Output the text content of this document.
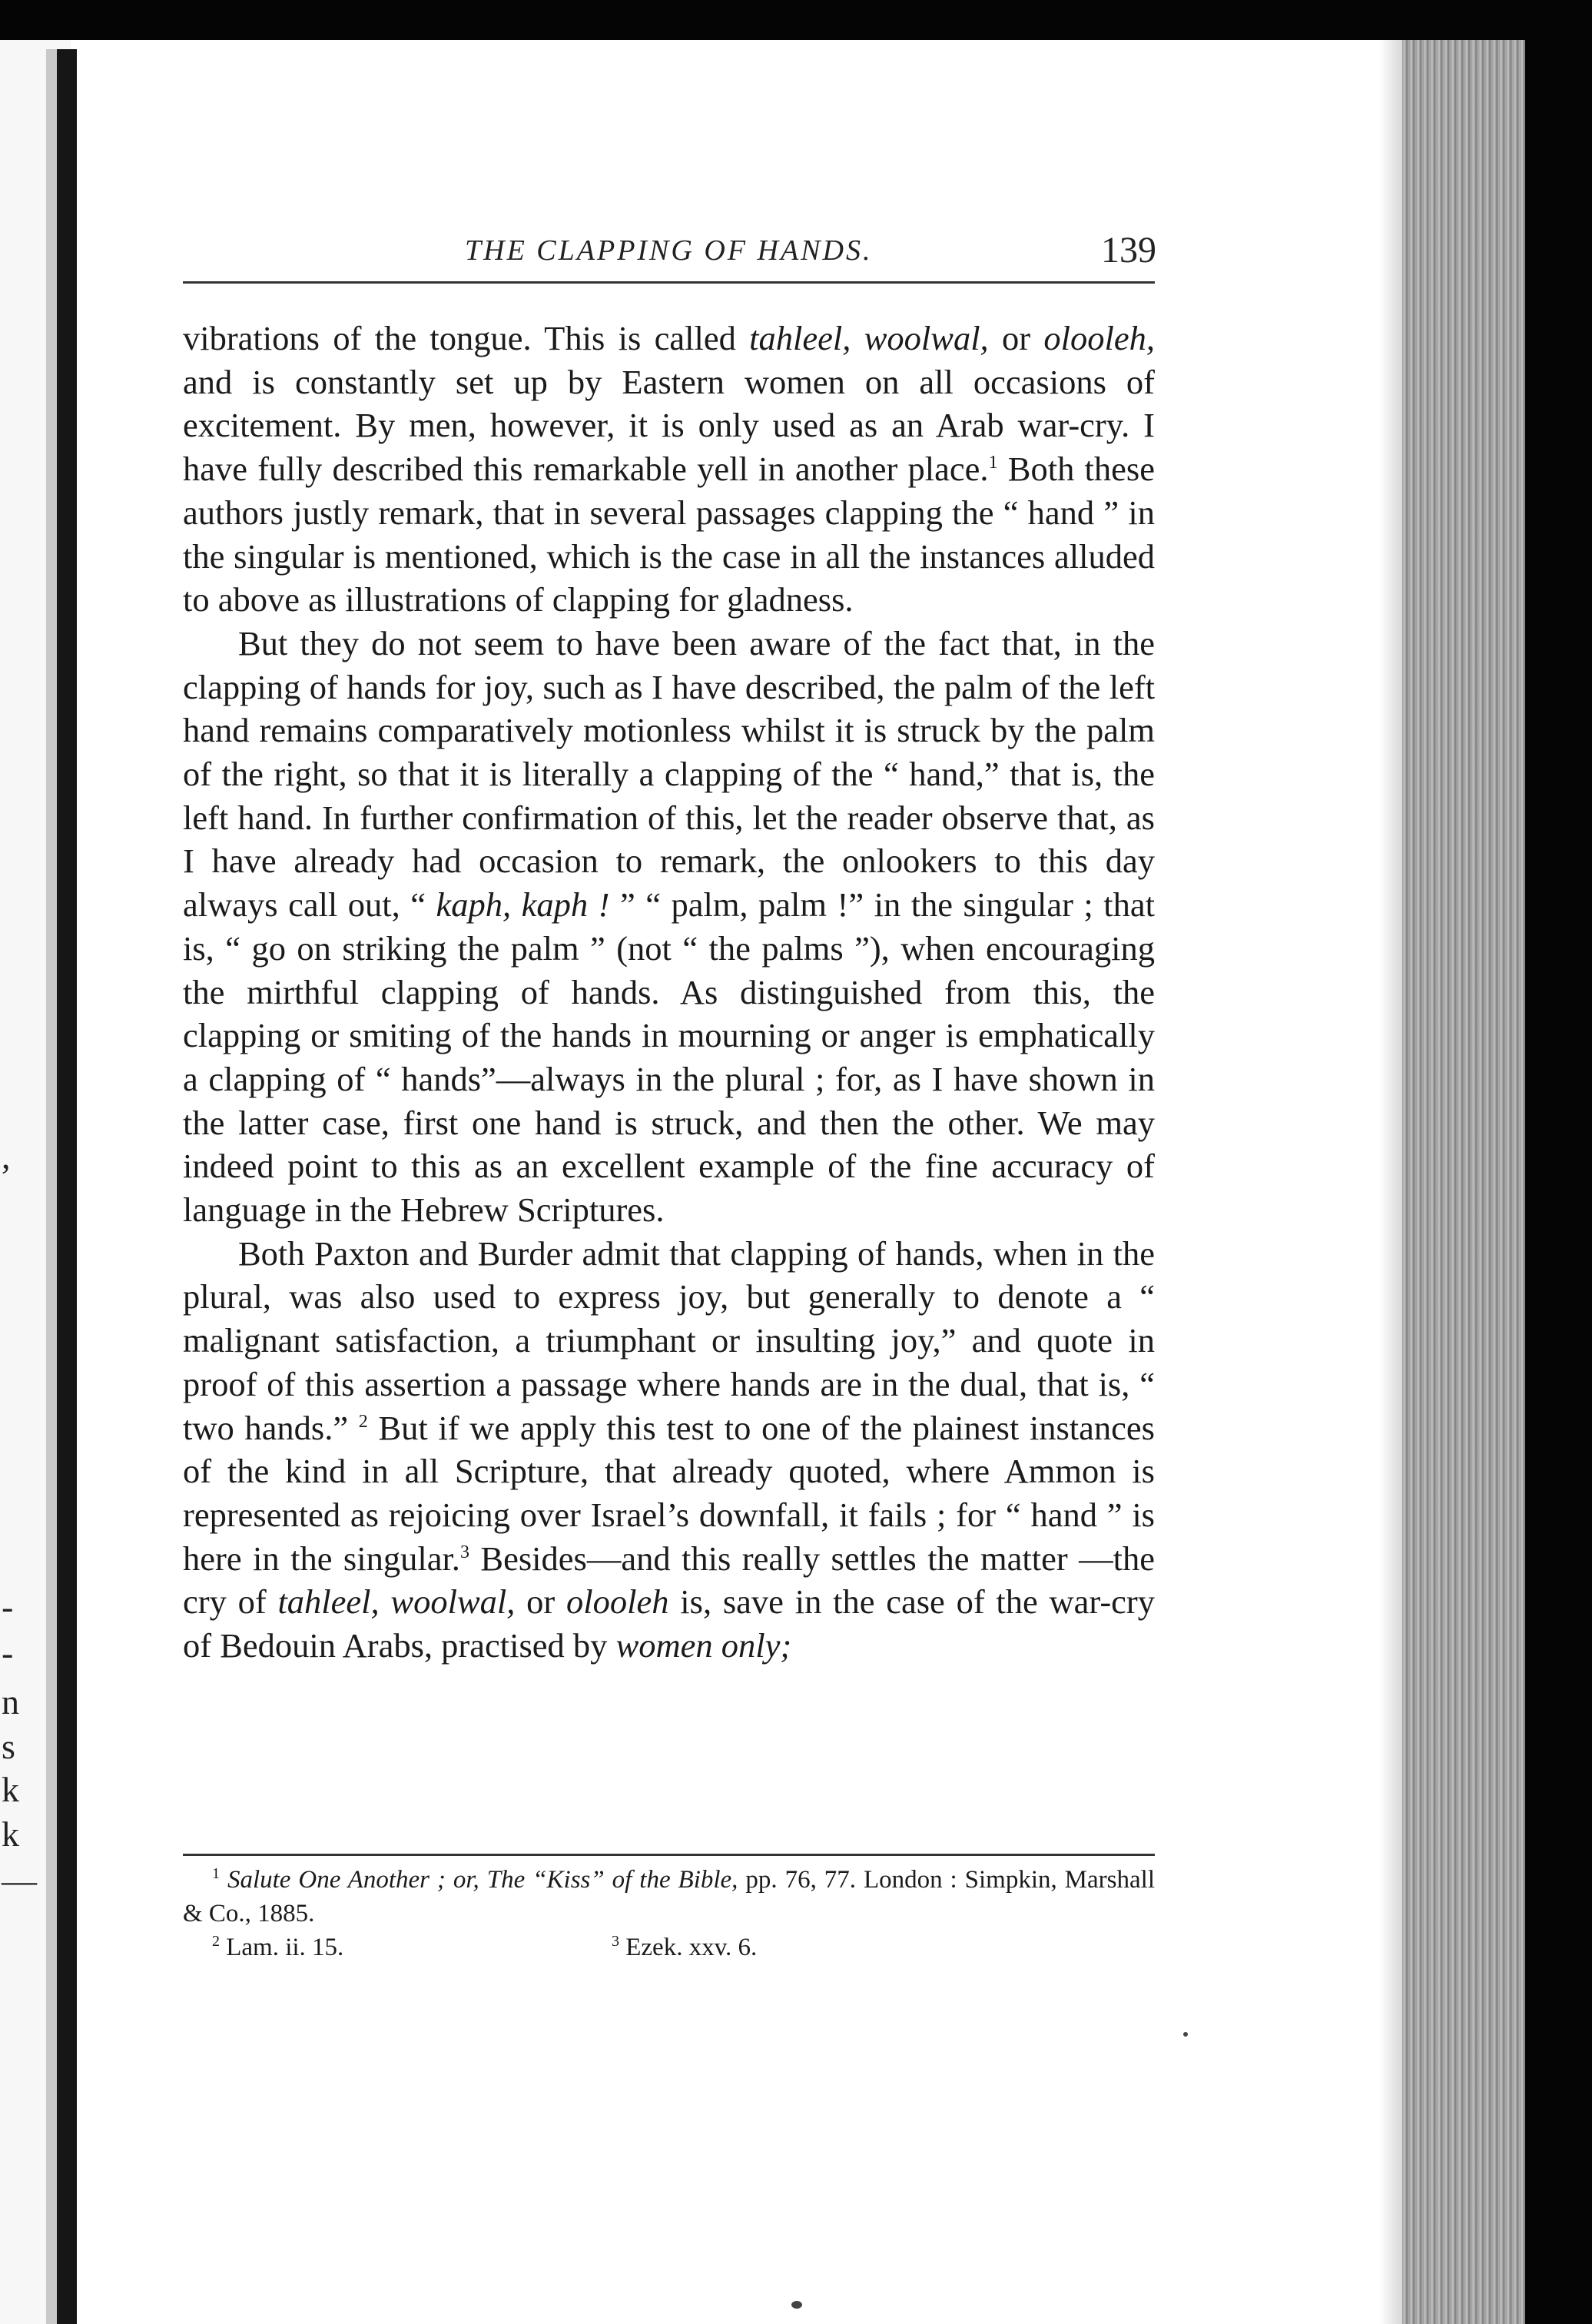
,
-
-
n
s
k
k
—
THE CLAPPING OF HANDS.	139

vibrations of the tongue. This is called tahleel, woolwal, or olooleh, and is constantly set up by Eastern women on all occasions of excitement. By men, however, it is only used as an Arab war-cry. I have fully described this remarkable yell in another place.$^1$ Both these authors justly remark, that in several passages clapping the “ hand ” in the singular is mentioned, which is the case in all the instances alluded to above as illustrations of clapping for gladness.

But they do not seem to have been aware of the fact that, in the clapping of hands for joy, such as I have described, the palm of the left hand remains comparatively motionless whilst it is struck by the palm of the right, so that it is literally a clapping of the “ hand,” that is, the left hand. In further confirmation of this, let the reader observe that, as I have already had occasion to remark, the onlookers to this day always call out, “ kaph, kaph ! ” “ palm, palm !” in the singular ; that is, “ go on striking the palm ” (not “ the palms ”), when encouraging the mirthful clapping of hands. As distinguished from this, the clapping or smiting of the hands in mourning or anger is emphatically a clapping of “ hands”—always in the plural ; for, as I have shown in the latter case, first one hand is struck, and then the other. We may indeed point to this as an excellent example of the fine accuracy of language in the Hebrew Scriptures.

Both Paxton and Burder admit that clapping of hands, when in the plural, was also used to express joy, but generally to denote a “ malignant satisfaction, a triumphant or insulting joy,” and quote in proof of this assertion a passage where hands are in the dual, that is, “ two hands.” $^2$ But if we apply this test to one of the plainest instances of the kind in all Scripture, that already quoted, where Ammon is represented as rejoicing over Israel’s downfall, it fails ; for “ hand ” is here in the singular.$^3$ Besides—and this really settles the matter —the cry of tahleel, woolwal, or olooleh is, save in the case of the war-cry of Bedouin Arabs, practised by women only;

$^1$ Salute One Another ; or, The “Kiss” of the Bible, pp. 76, 77. London : Simpkin, Marshall & Co., 1885.

$^2$ Lam. ii. 15.	$^3$ Ezek. xxv. 6.
